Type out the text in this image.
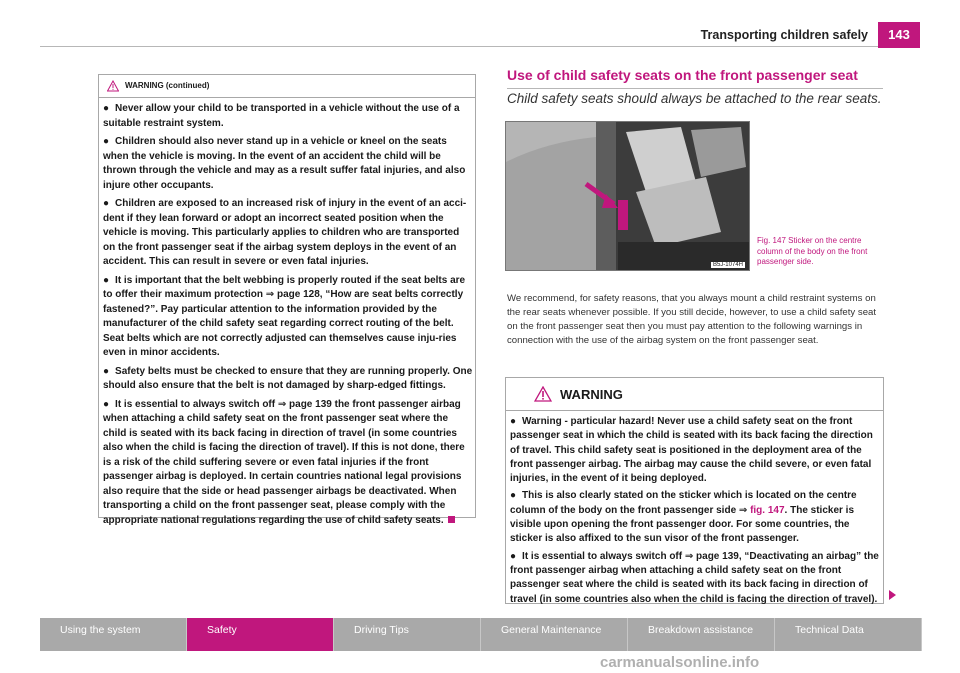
Transporting children safely	143
WARNING (continued)
● Never allow your child to be transported in a vehicle without the use of a suitable restraint system.
● Children should also never stand up in a vehicle or kneel on the seats when the vehicle is moving. In the event of an accident the child will be thrown through the vehicle and may as a result suffer fatal injuries, and also injure other occupants.
● Children are exposed to an increased risk of injury in the event of an acci-dent if they lean forward or adopt an incorrect seated position when the vehicle is moving. This particularly applies to children who are transported on the front passenger seat if the airbag system deploys in the event of an accident. This can result in severe or even fatal injuries.
● It is important that the belt webbing is properly routed if the seat belts are to offer their maximum protection ⇒ page 128, “How are seat belts correctly fastened?”. Pay particular attention to the information provided by the manufacturer of the child safety seat regarding correct routing of the belt. Seat belts which are not correctly adjusted can themselves cause inju-ries even in minor accidents.
● Safety belts must be checked to ensure that they are running properly. One should also ensure that the belt is not damaged by sharp-edged fittings.
● It is essential to always switch off ⇒ page 139 the front passenger airbag when attaching a child safety seat on the front passenger seat where the child is seated with its back facing in direction of travel (in some countries also when the child is facing the direction of travel). If this is not done, there is a risk of the child suffering severe or even fatal injuries if the front passenger airbag is deployed. In certain countries national legal provisions also require that the side or head passenger airbags be deactivated. When transporting a child on the front passenger seat, please comply with the appropriate national regulations regarding the use of child safety seats.
Use of child safety seats on the front passenger seat
Child safety seats should always be attached to the rear seats.
B5J-1074H
Fig. 147 Sticker on the centre column of the body on the front passenger side.
We recommend, for safety reasons, that you always mount a child restraint systems on the rear seats whenever possible. If you still decide, however, to use a child safety seat on the front passenger seat then you must pay attention to the following warnings in connection with the use of the airbag system on the front passenger seat.
WARNING
● Warning - particular hazard! Never use a child safety seat on the front passenger seat in which the child is seated with its back facing the direction of travel. This child safety seat is positioned in the deployment area of the front passenger airbag. The airbag may cause the child severe, or even fatal injuries, in the event of it being deployed.
● This is also clearly stated on the sticker which is located on the centre column of the body on the front passenger side ⇒ fig. 147. The sticker is visible upon opening the front passenger door. For some countries, the sticker is also affixed to the sun visor of the front passenger.
● It is essential to always switch off ⇒ page 139, “Deactivating an airbag” the front passenger airbag when attaching a child safety seat on the front passenger seat where the child is seated with its back facing in direction of travel (in some countries also when the child is facing the direction of travel).
Using the system	Safety	Driving Tips	General Maintenance	Breakdown assistance	Technical Data
carmanualsonline.info
